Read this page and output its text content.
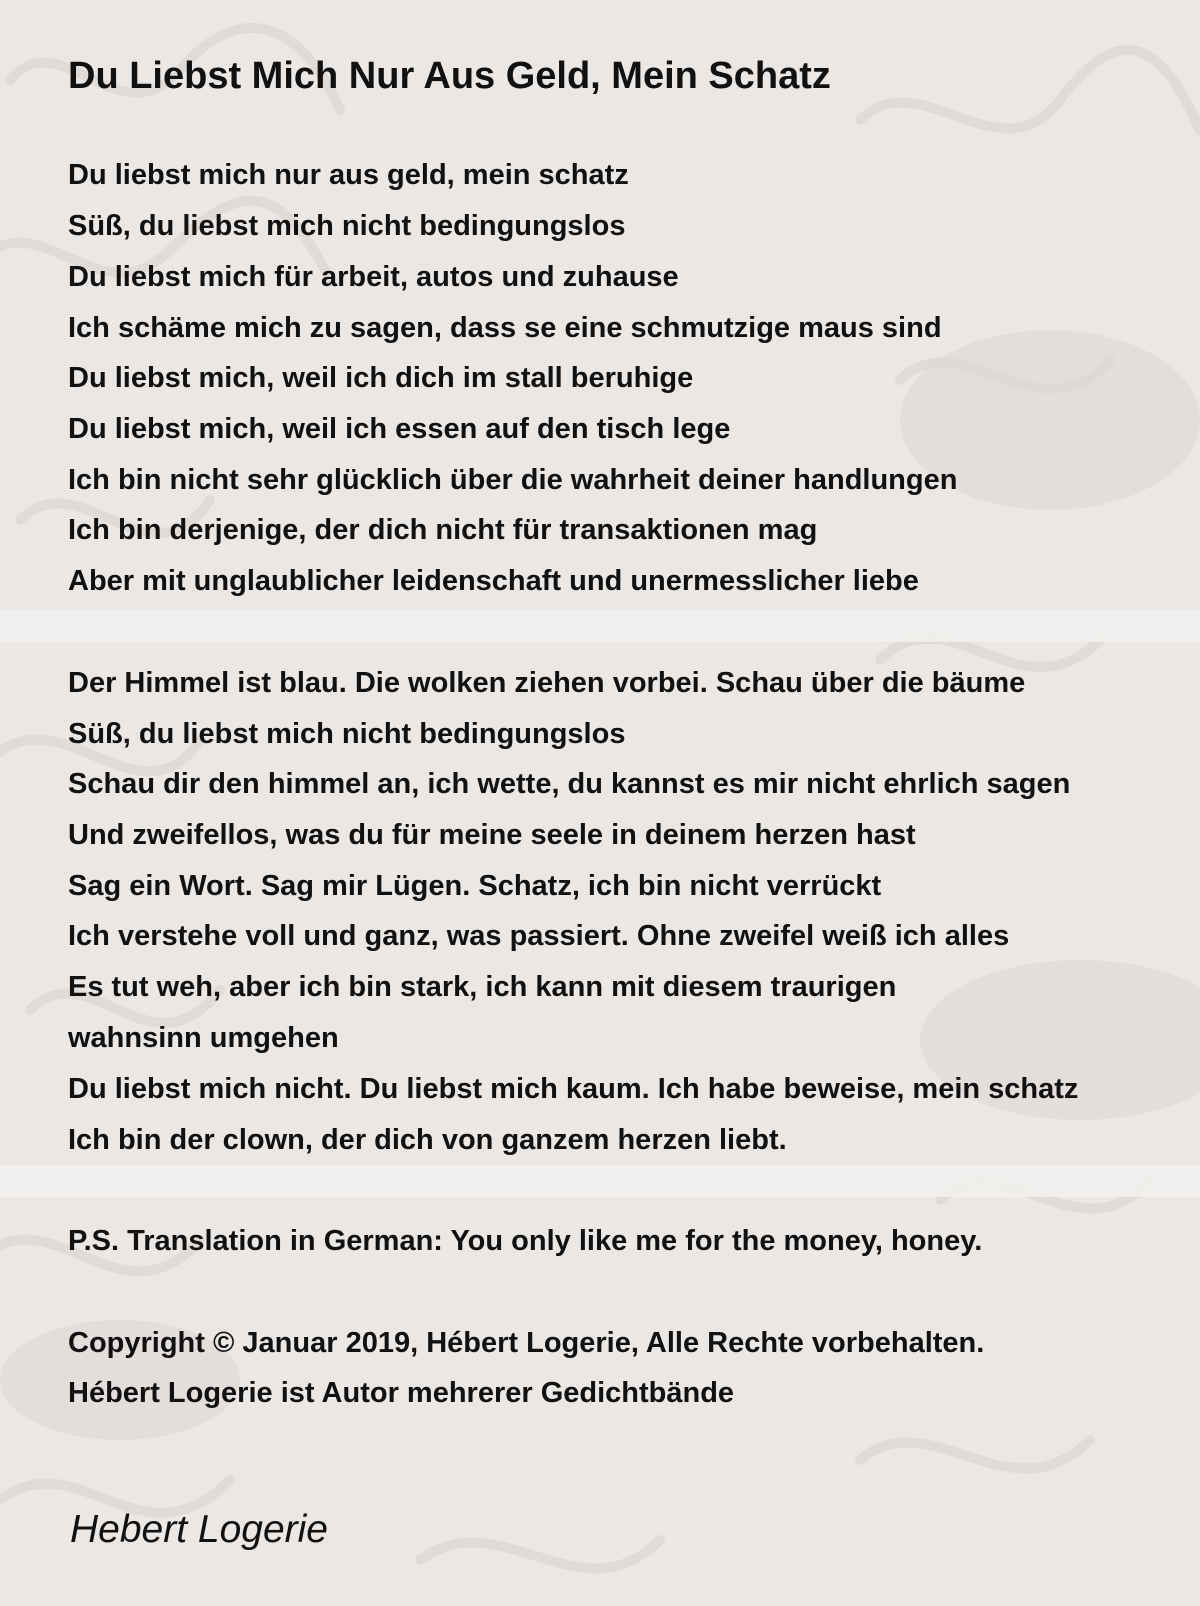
Du Liebst Mich Nur Aus Geld, Mein Schatz

Du liebst mich nur aus geld, mein schatz

Süß, du liebst mich nicht bedingungslos

Du liebst mich für arbeit, autos und zuhause

Ich schäme mich zu sagen, dass se eine schmutzige maus sind

Du liebst mich, weil ich dich im stall beruhige

Du liebst mich, weil ich essen auf den tisch lege

Ich bin nicht sehr glücklich über die wahrheit deiner handlungen

Ich bin derjenige, der dich nicht für transaktionen mag

Aber mit unglaublicher leidenschaft und unermesslicher liebe

Der Himmel ist blau. Die wolken ziehen vorbei. Schau über die bäume

Süß, du liebst mich nicht bedingungslos

Schau dir den himmel an, ich wette, du kannst es mir nicht ehrlich sagen

Und zweifellos, was du für meine seele in deinem herzen hast

Sag ein Wort. Sag mir Lügen. Schatz, ich bin nicht verrückt

Ich verstehe voll und ganz, was passiert. Ohne zweifel weiß ich alles

Es tut weh, aber ich bin stark, ich kann mit diesem traurigen

wahnsinn umgehen

Du liebst mich nicht. Du liebst mich kaum. Ich habe beweise, mein schatz

Ich bin der clown, der dich von ganzem herzen liebt.

P.S. Translation in German: You only like me for the money, honey.

Copyright © Januar 2019, Hébert Logerie, Alle Rechte vorbehalten.

Hébert Logerie ist Autor mehrerer Gedichtbände

Hebert Logerie
